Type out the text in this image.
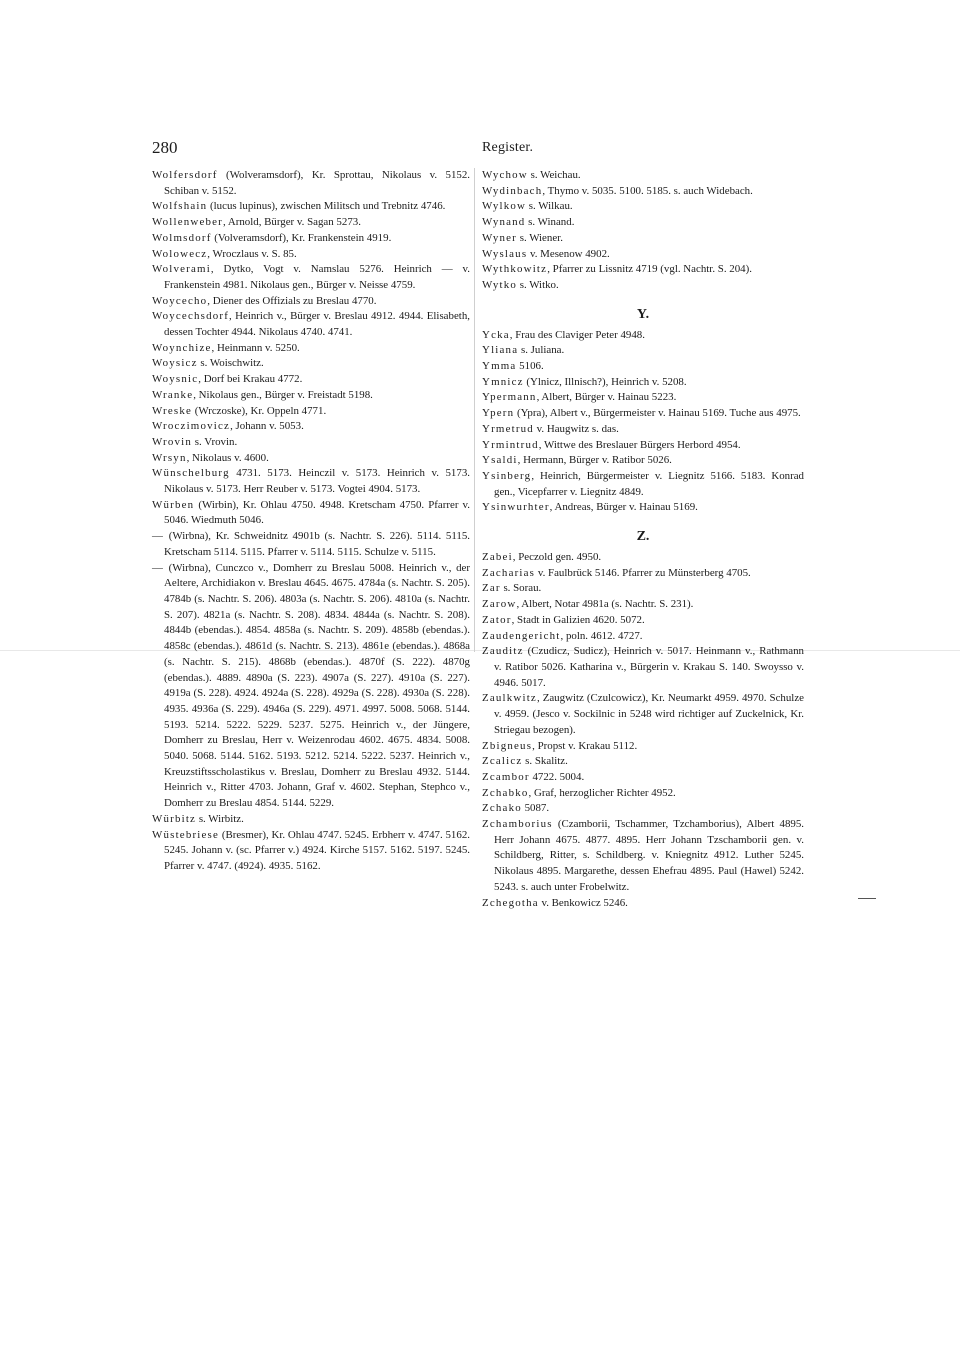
280	Register.

Wolfersdorf (Wolveramsdorf), Kr. Sprottau, Nikolaus v. 5152. Schiban v. 5152.

Wolfshain (lucus lupinus), zwischen Militsch und Trebnitz 4746.

Wollenweber, Arnold, Bürger v. Sagan 5273.

Wolmsdorf (Volveramsdorf), Kr. Frankenstein 4919.

Wolowecz, Wroczlaus v. S. 85.

Wolverami, Dytko, Vogt v. Namslau 5276. Heinrich — v. Frankenstein 4981. Nikolaus gen., Bürger v. Neisse 4759.

Woycecho, Diener des Offizials zu Breslau 4770.

Woycechsdorf, Heinrich v., Bürger v. Breslau 4912. 4944. Elisabeth, dessen Tochter 4944. Nikolaus 4740. 4741.

Woynchize, Heinmann v. 5250.

Woysicz s. Woischwitz.

Woysnic, Dorf bei Krakau 4772.

Wranke, Nikolaus gen., Bürger v. Freistadt 5198.

Wreske (Wrczoske), Kr. Oppeln 4771.

Wroczimovicz, Johann v. 5053.

Wrovin s. Vrovin.

Wrsyn, Nikolaus v. 4600.

Wünschelburg 4731. 5173. Heinczil v. 5173. Heinrich v. 5173. Nikolaus v. 5173. Herr Reuber v. 5173. Vogtei 4904. 5173.

Würben (Wirbin), Kr. Ohlau 4750. 4948. Kretscham 4750. Pfarrer v. 5046. Wiedmuth 5046.

— (Wirbna), Kr. Schweidnitz 4901b (s. Nachtr. S. 226). 5114. 5115. Kretscham 5114. 5115. Pfarrer v. 5114. 5115. Schulze v. 5115.

— (Wirbna), Cunczco v., Domherr zu Breslau 5008. Heinrich v., der Aeltere, Archidiakon v. Breslau 4645. 4675. 4784a (s. Nachtr. S. 205). 4784b (s. Nachtr. S. 206). 4803a (s. Nachtr. S. 206). 4810a (s. Nachtr. S. 207). 4821a (s. Nachtr. S. 208). 4834. 4844a (s. Nachtr. S. 208). 4844b (ebendas.). 4854. 4858a (s. Nachtr. S. 209). 4858b (ebendas.). 4858c (ebendas.). 4861d (s. Nachtr. S. 213). 4861e (ebendas.). 4868a (s. Nachtr. S. 215). 4868b (ebendas.). 4870f (S. 222). 4870g (ebendas.). 4889. 4890a (S. 223). 4907a (S. 227). 4910a (S. 227). 4919a (S. 228). 4924. 4924a (S. 228). 4929a (S. 228). 4930a (S. 228). 4935. 4936a (S. 229). 4946a (S. 229). 4971. 4997. 5008. 5068. 5144. 5193. 5214. 5222. 5229. 5237. 5275. Heinrich v., der Jüngere, Domherr zu Breslau, Herr v. Weizenrodau 4602. 4675. 4834. 5008. 5040. 5068. 5144. 5162. 5193. 5212. 5214. 5222. 5237. Heinrich v., Kreuzstiftsscholastikus v. Breslau, Domherr zu Breslau 4932. 5144. Heinrich v., Ritter 4703. Johann, Graf v. 4602. Stephan, Stephco v., Domherr zu Breslau 4854. 5144. 5229.

Würbitz s. Wirbitz.

Wüstebriese (Bresmer), Kr. Ohlau 4747. 5245. Erbherr v. 4747. 5162. 5245. Johann v. (sc. Pfarrer v.) 4924. Kirche 5157. 5162. 5197. 5245. Pfarrer v. 4747. (4924). 4935. 5162.

Wychow s. Weichau.

Wydinbach, Thymo v. 5035. 5100. 5185. s. auch Widebach.

Wylkow s. Wilkau.

Wynand s. Winand.

Wyner s. Wiener.

Wyslaus v. Mesenow 4902.

Wythkowitz, Pfarrer zu Lissnitz 4719 (vgl. Nachtr. S. 204).

Wytko s. Witko.

Y.

Ycka, Frau des Claviger Peter 4948.

Yliana s. Juliana.

Ymma 5106.

Ymnicz (Ylnicz, Illnisch?), Heinrich v. 5208.

Ypermann, Albert, Bürger v. Hainau 5223.

Ypern (Ypra), Albert v., Bürgermeister v. Hainau 5169. Tuche aus 4975.

Yrmetrud v. Haugwitz s. das.

Yrmintrud, Wittwe des Breslauer Bürgers Herbord 4954.

Ysaldi, Hermann, Bürger v. Ratibor 5026.

Ysinberg, Heinrich, Bürgermeister v. Liegnitz 5166. 5183. Konrad gen., Vicepfarrer v. Liegnitz 4849.

Ysinwurhter, Andreas, Bürger v. Hainau 5169.

Z.

Zabei, Peczold gen. 4950.

Zacharias v. Faulbrück 5146. Pfarrer zu Münsterberg 4705.

Zar s. Sorau.

Zarow, Albert, Notar 4981a (s. Nachtr. S. 231).

Zator, Stadt in Galizien 4620. 5072.

Zaudengericht, poln. 4612. 4727.

Zauditz (Czudicz, Sudicz), Heinrich v. 5017. Heinmann v., Rathmann v. Ratibor 5026. Katharina v., Bürgerin v. Krakau S. 140. Swoysso v. 4946. 5017.

Zaulkwitz, Zaugwitz (Czulcowicz), Kr. Neumarkt 4959. 4970. Schulze v. 4959. (Jesco v. Sockilnic in 5248 wird richtiger auf Zuckelnick, Kr. Striegau bezogen).

Zbigneus, Propst v. Krakau 5112.

Zcalicz s. Skalitz.

Zcambor 4722. 5004.

Zchabko, Graf, herzoglicher Richter 4952.

Zchako 5087.

Zchamborius (Czamborii, Tschammer, Tzchamborius), Albert 4895. Herr Johann 4675. 4877. 4895. Herr Johann Tzschamborii gen. v. Schildberg, Ritter, s. Schildberg. v. Kniegnitz 4912. Luther 5245. Nikolaus 4895. Margarethe, dessen Ehefrau 4895. Paul (Hawel) 5242. 5243. s. auch unter Frobelwitz.

Zchegotha v. Benkowicz 5246.
